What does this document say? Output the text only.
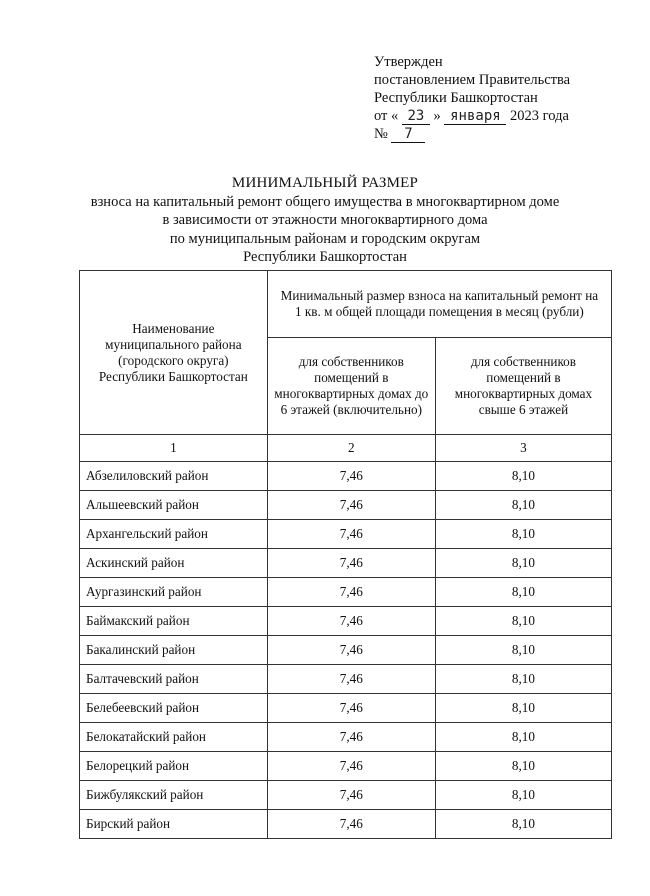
Утвержден
постановлением Правительства
Республики Башкортостан
от « 23 » января 2023 года
№ 7
МИНИМАЛЬНЫЙ РАЗМЕР
взноса на капитальный ремонт общего имущества в многоквартирном доме
в зависимости от этажности многоквартирного дома
по муниципальным районам и городским округам
Республики Башкортостан
Наименование муниципального района (городского округа) Республики Башкортостан	Минимальный размер взноса на капитальный ремонт на 1 кв. м общей площади помещения в месяц (рубли)	
	для собственников помещений в многоквартирных домах до 6 этажей (включительно)	для собственников помещений в многоквартирных домах свыше 6 этажей
1	2	3
Абзелиловский район	7,46	8,10
Альшеевский район	7,46	8,10
Архангельский район	7,46	8,10
Аскинский район	7,46	8,10
Аургазинский район	7,46	8,10
Баймакский район	7,46	8,10
Бакалинский район	7,46	8,10
Балтачевский район	7,46	8,10
Белебеевский район	7,46	8,10
Белокатайский район	7,46	8,10
Белорецкий район	7,46	8,10
Бижбулякский район	7,46	8,10
Бирский район	7,46	8,10
